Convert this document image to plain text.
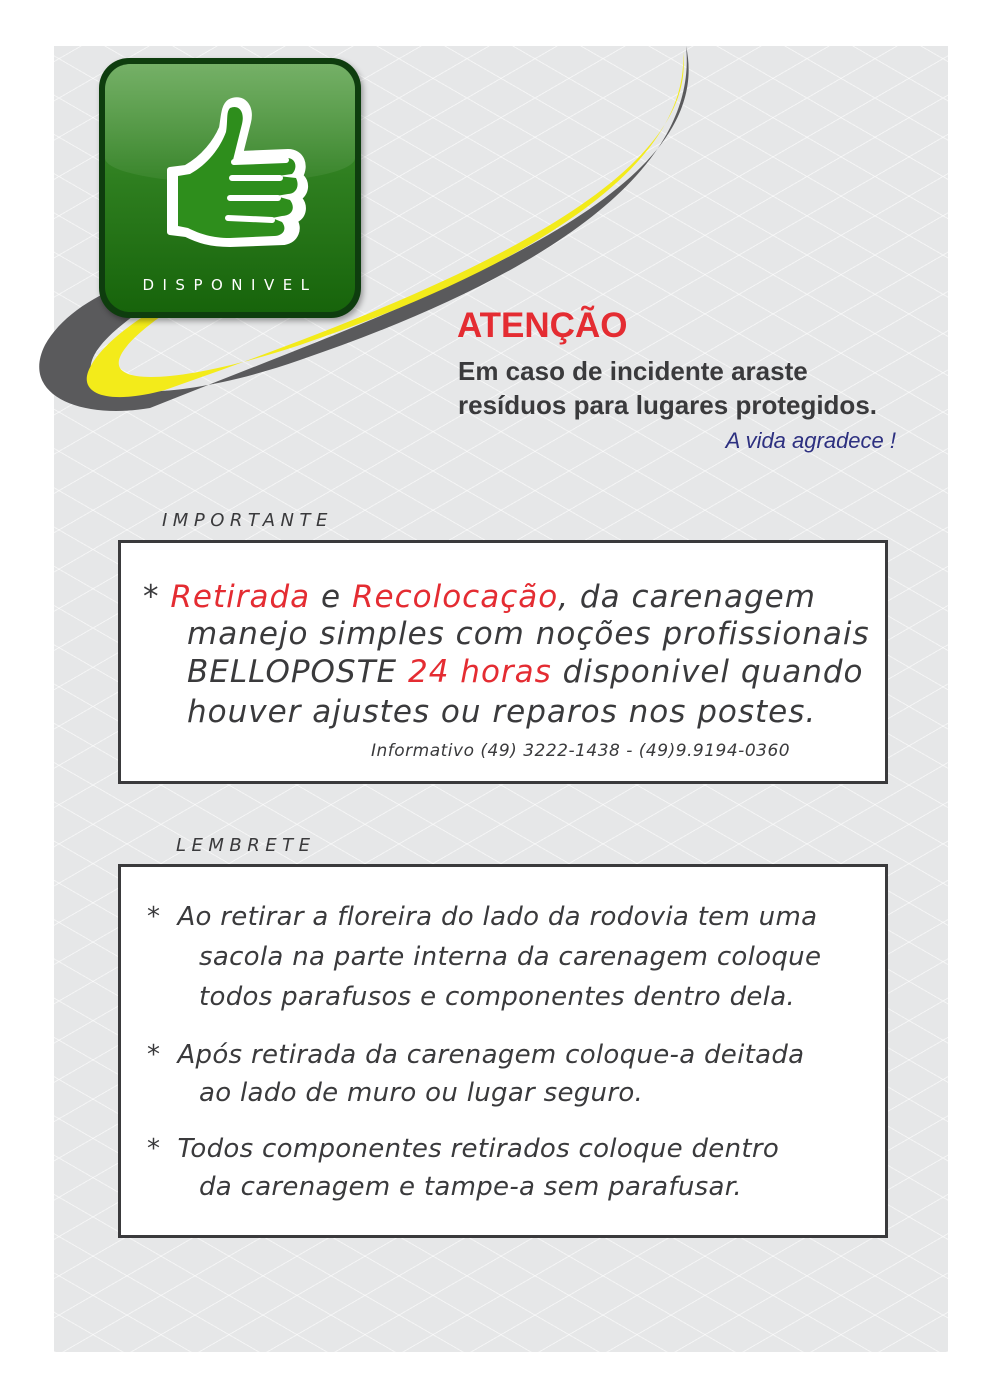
DISPONIVEL
ATENÇÃO

Em caso de incidente araste
resíduos para lugares protegidos.

A vida agradece !
IMPORTANTE
* Retirada e Recolocação, da carenagem
manejo simples com noções profissionais
BELLOPOSTE 24 horas disponivel quando
houver ajustes ou reparos nos postes.
Informativo (49) 3222-1438 - (49)9.9194-0360
LEMBRETE
* Ao retirar a floreira do lado da rodovia tem uma
sacola na parte interna da carenagem coloque
todos parafusos e componentes dentro dela.
* Após retirada da carenagem coloque-a deitada
ao lado de muro ou lugar seguro.
* Todos componentes retirados coloque dentro
da carenagem e tampe-a sem parafusar.
